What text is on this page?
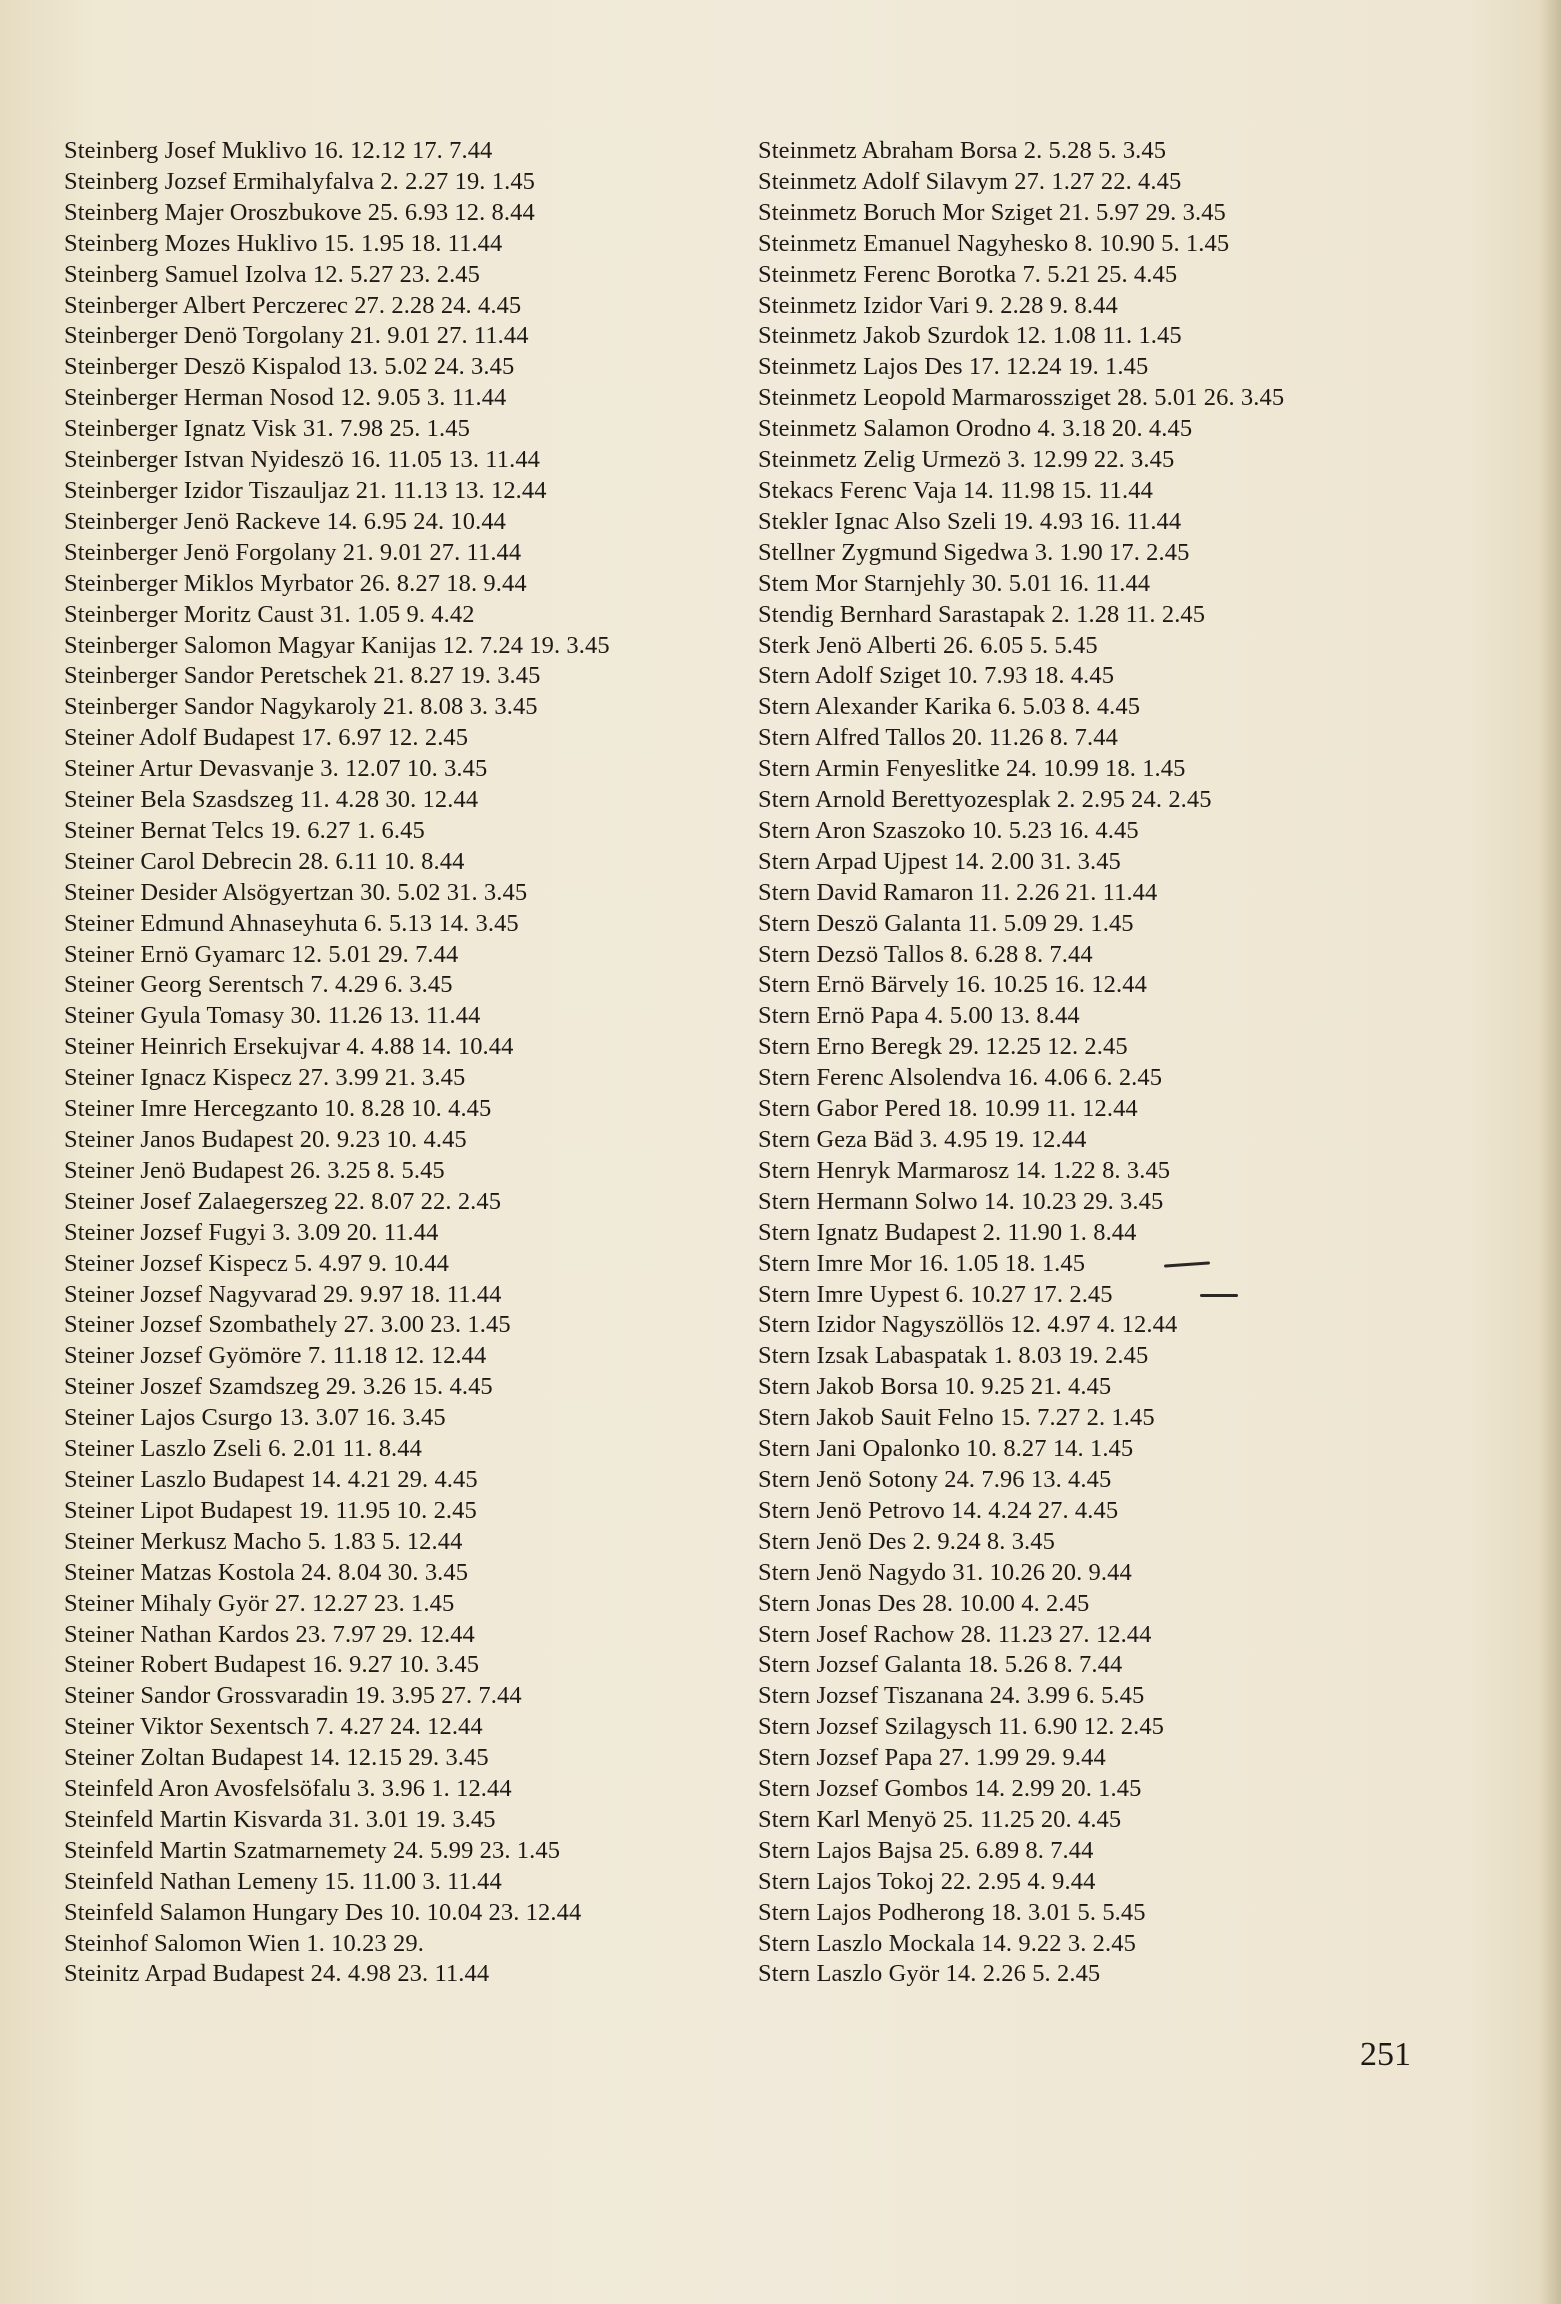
Steinberg Josef Muklivo 16. 12.12 17. 7.44
Steinberg Jozsef Ermihalyfalva 2. 2.27 19. 1.45
Steinberg Majer Oroszbukove 25. 6.93 12. 8.44
Steinberg Mozes Huklivo 15. 1.95 18. 11.44
Steinberg Samuel Izolva 12. 5.27 23. 2.45
Steinberger Albert Perczerec 27. 2.28 24. 4.45
Steinberger Denö Torgolany 21. 9.01 27. 11.44
Steinberger Deszö Kispalod 13. 5.02 24. 3.45
Steinberger Herman Nosod 12. 9.05 3. 11.44
Steinberger Ignatz Visk 31. 7.98 25. 1.45
Steinberger Istvan Nyideszö 16. 11.05 13. 11.44
Steinberger Izidor Tiszauljaz 21. 11.13 13. 12.44
Steinberger Jenö Rackeve 14. 6.95 24. 10.44
Steinberger Jenö Forgolany 21. 9.01 27. 11.44
Steinberger Miklos Myrbator 26. 8.27 18. 9.44
Steinberger Moritz Caust 31. 1.05 9. 4.42
Steinberger Salomon Magyar Kanijas 12. 7.24 19. 3.45
Steinberger Sandor Peretschek 21. 8.27 19. 3.45
Steinberger Sandor Nagykaroly 21. 8.08 3. 3.45
Steiner Adolf Budapest 17. 6.97 12. 2.45
Steiner Artur Devasvanje 3. 12.07 10. 3.45
Steiner Bela Szasdszeg 11. 4.28 30. 12.44
Steiner Bernat Telcs 19. 6.27 1. 6.45
Steiner Carol Debrecin 28. 6.11 10. 8.44
Steiner Desider Alsögyertzan 30. 5.02 31. 3.45
Steiner Edmund Ahnaseyhuta 6. 5.13 14. 3.45
Steiner Ernö Gyamarc 12. 5.01 29. 7.44
Steiner Georg Serentsch 7. 4.29 6. 3.45
Steiner Gyula Tomasy 30. 11.26 13. 11.44
Steiner Heinrich Ersekujvar 4. 4.88 14. 10.44
Steiner Ignacz Kispecz 27. 3.99 21. 3.45
Steiner Imre Hercegzanto 10. 8.28 10. 4.45
Steiner Janos Budapest 20. 9.23 10. 4.45
Steiner Jenö Budapest 26. 3.25 8. 5.45
Steiner Josef Zalaegerszeg 22. 8.07 22. 2.45
Steiner Jozsef Fugyi 3. 3.09 20. 11.44
Steiner Jozsef Kispecz 5. 4.97 9. 10.44
Steiner Jozsef Nagyvarad 29. 9.97 18. 11.44
Steiner Jozsef Szombathely 27. 3.00 23. 1.45
Steiner Jozsef Gyömöre 7. 11.18 12. 12.44
Steiner Joszef Szamdszeg 29. 3.26 15. 4.45
Steiner Lajos Csurgo 13. 3.07 16. 3.45
Steiner Laszlo Zseli 6. 2.01 11. 8.44
Steiner Laszlo Budapest 14. 4.21 29. 4.45
Steiner Lipot Budapest 19. 11.95 10. 2.45
Steiner Merkusz Macho 5. 1.83 5. 12.44
Steiner Matzas Kostola 24. 8.04 30. 3.45
Steiner Mihaly Györ 27. 12.27 23. 1.45
Steiner Nathan Kardos 23. 7.97 29. 12.44
Steiner Robert Budapest 16. 9.27 10. 3.45
Steiner Sandor Grossvaradin 19. 3.95 27. 7.44
Steiner Viktor Sexentsch 7. 4.27 24. 12.44
Steiner Zoltan Budapest 14. 12.15 29. 3.45
Steinfeld Aron Avosfelsöfalu 3. 3.96 1. 12.44
Steinfeld Martin Kisvarda 31. 3.01 19. 3.45
Steinfeld Martin Szatmarnemety 24. 5.99 23. 1.45
Steinfeld Nathan Lemeny 15. 11.00 3. 11.44
Steinfeld Salamon Hungary Des 10. 10.04 23. 12.44
Steinhof Salomon Wien 1. 10.23 29.
Steinitz Arpad Budapest 24. 4.98 23. 11.44
Steinmetz Abraham Borsa 2. 5.28 5. 3.45
Steinmetz Adolf Silavym 27. 1.27 22. 4.45
Steinmetz Boruch Mor Sziget 21. 5.97 29. 3.45
Steinmetz Emanuel Nagyhesko 8. 10.90 5. 1.45
Steinmetz Ferenc Borotka 7. 5.21 25. 4.45
Steinmetz Izidor Vari 9. 2.28 9. 8.44
Steinmetz Jakob Szurdok 12. 1.08 11. 1.45
Steinmetz Lajos Des 17. 12.24 19. 1.45
Steinmetz Leopold Marmarossziget 28. 5.01 26. 3.45
Steinmetz Salamon Orodno 4. 3.18 20. 4.45
Steinmetz Zelig Urmezö 3. 12.99 22. 3.45
Stekacs Ferenc Vaja 14. 11.98 15. 11.44
Stekler Ignac Also Szeli 19. 4.93 16. 11.44
Stellner Zygmund Sigedwa 3. 1.90 17. 2.45
Stem Mor Starnjehly 30. 5.01 16. 11.44
Stendig Bernhard Sarastapak 2. 1.28 11. 2.45
Sterk Jenö Alberti 26. 6.05 5. 5.45
Stern Adolf Sziget 10. 7.93 18. 4.45
Stern Alexander Karika 6. 5.03 8. 4.45
Stern Alfred Tallos 20. 11.26 8. 7.44
Stern Armin Fenyeslitke 24. 10.99 18. 1.45
Stern Arnold Berettyozesplak 2. 2.95 24. 2.45
Stern Aron Szaszoko 10. 5.23 16. 4.45
Stern Arpad Ujpest 14. 2.00 31. 3.45
Stern David Ramaron 11. 2.26 21. 11.44
Stern Deszö Galanta 11. 5.09 29. 1.45
Stern Dezsö Tallos 8. 6.28 8. 7.44
Stern Ernö Bärvely 16. 10.25 16. 12.44
Stern Ernö Papa 4. 5.00 13. 8.44
Stern Erno Beregk 29. 12.25 12. 2.45
Stern Ferenc Alsolendva 16. 4.06 6. 2.45
Stern Gabor Pered 18. 10.99 11. 12.44
Stern Geza Bäd 3. 4.95 19. 12.44
Stern Henryk Marmarosz 14. 1.22 8. 3.45
Stern Hermann Solwo 14. 10.23 29. 3.45
Stern Ignatz Budapest 2. 11.90 1. 8.44
Stern Imre Mor 16. 1.05 18. 1.45
Stern Imre Uypest 6. 10.27 17. 2.45
Stern Izidor Nagyszöllös 12. 4.97 4. 12.44
Stern Izsak Labaspatak 1. 8.03 19. 2.45
Stern Jakob Borsa 10. 9.25 21. 4.45
Stern Jakob Sauit Felno 15. 7.27 2. 1.45
Stern Jani Opalonko 10. 8.27 14. 1.45
Stern Jenö Sotony 24. 7.96 13. 4.45
Stern Jenö Petrovo 14. 4.24 27. 4.45
Stern Jenö Des 2. 9.24 8. 3.45
Stern Jenö Nagydo 31. 10.26 20. 9.44
Stern Jonas Des 28. 10.00 4. 2.45
Stern Josef Rachow 28. 11.23 27. 12.44
Stern Jozsef Galanta 18. 5.26 8. 7.44
Stern Jozsef Tiszanana 24. 3.99 6. 5.45
Stern Jozsef Szilagysch 11. 6.90 12. 2.45
Stern Jozsef Papa 27. 1.99 29. 9.44
Stern Jozsef Gombos 14. 2.99 20. 1.45
Stern Karl Menyö 25. 11.25 20. 4.45
Stern Lajos Bajsa 25. 6.89 8. 7.44
Stern Lajos Tokoj 22. 2.95 4. 9.44
Stern Lajos Podherong 18. 3.01 5. 5.45
Stern Laszlo Mockala 14. 9.22 3. 2.45
Stern Laszlo Györ 14. 2.26 5. 2.45
251
